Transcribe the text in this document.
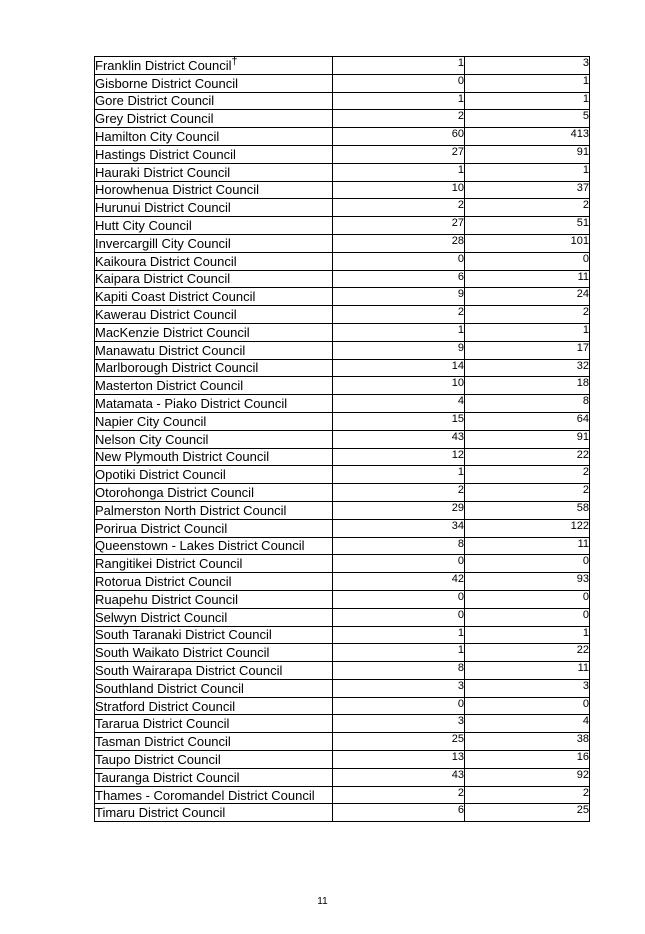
Franklin District Council†	1	3
Gisborne District Council	0	1
Gore District Council	1	1
Grey District Council	2	5
Hamilton City Council	60	413
Hastings District Council	27	91
Hauraki District Council	1	1
Horowhenua District Council	10	37
Hurunui District Council	2	2
Hutt City Council	27	51
Invercargill City Council	28	101
Kaikoura District Council	0	0
Kaipara District Council	6	11
Kapiti Coast District Council	9	24
Kawerau District Council	2	2
MacKenzie District Council	1	1
Manawatu District Council	9	17
Marlborough District Council	14	32
Masterton District Council	10	18
Matamata - Piako District Council	4	8
Napier City Council	15	64
Nelson City Council	43	91
New Plymouth District Council	12	22
Opotiki District Council	1	2
Otorohonga District Council	2	2
Palmerston North District Council	29	58
Porirua District Council	34	122
Queenstown - Lakes District Council	8	11
Rangitikei District Council	0	0
Rotorua District Council	42	93
Ruapehu District Council	0	0
Selwyn District Council	0	0
South Taranaki District Council	1	1
South Waikato District Council	1	22
South Wairarapa District Council	8	11
Southland District Council	3	3
Stratford District Council	0	0
Tararua District Council	3	4
Tasman District Council	25	38
Taupo District Council	13	16
Tauranga District Council	43	92
Thames - Coromandel District Council	2	2
Timaru District Council	6	25
11
